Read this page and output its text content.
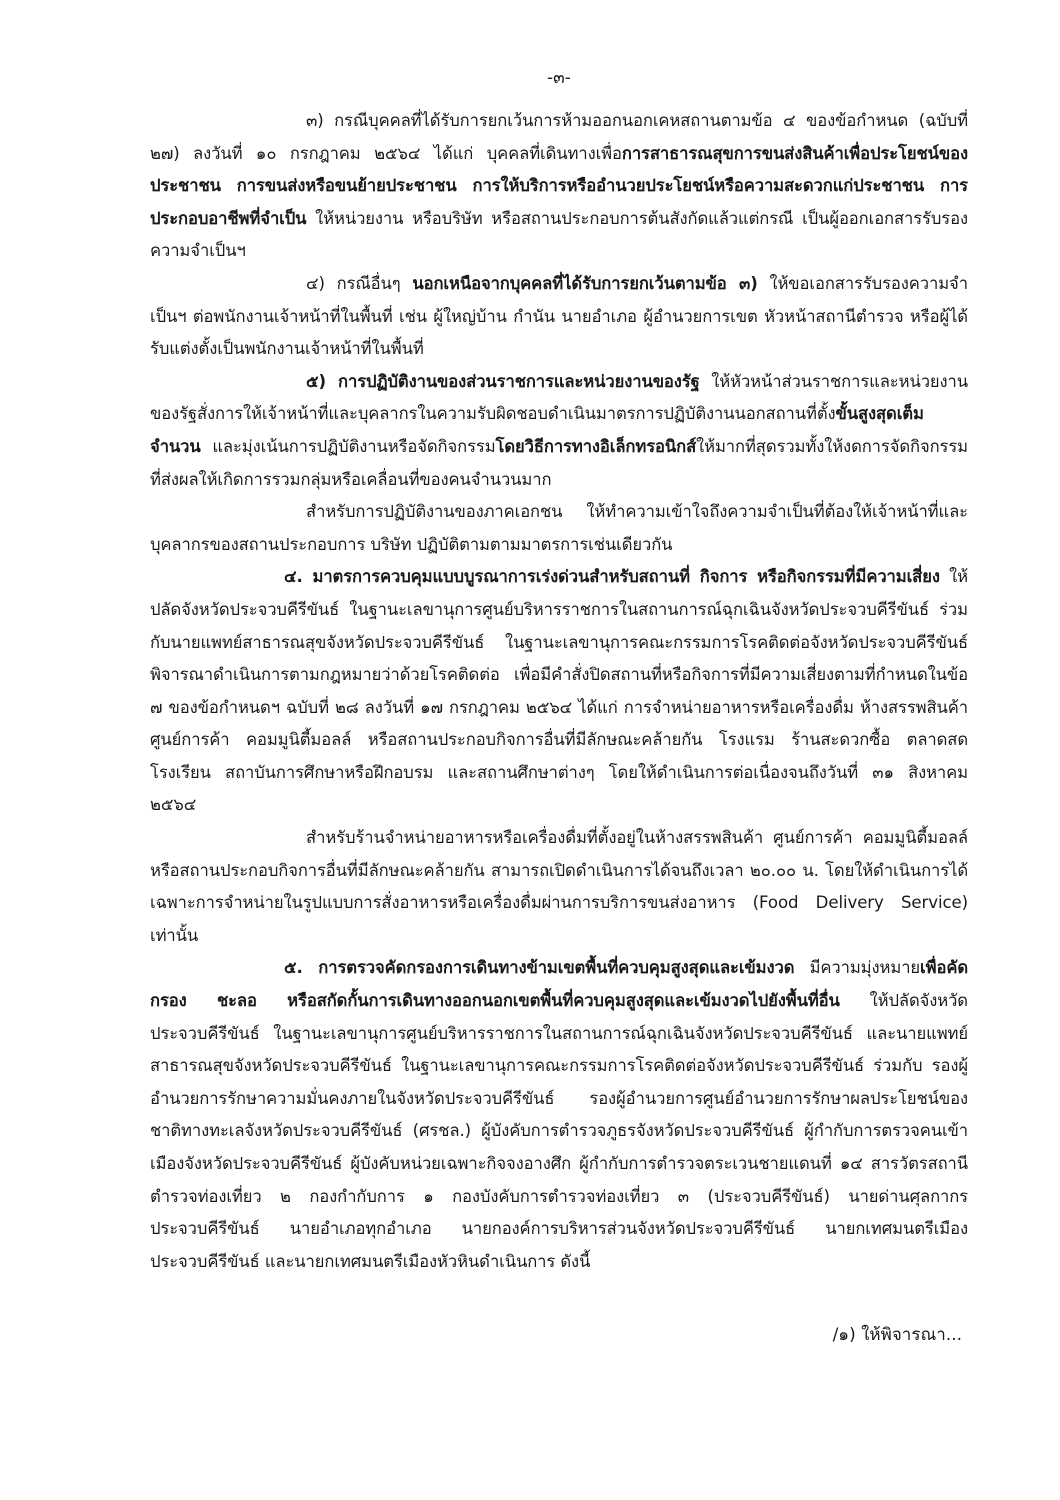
-๓-

๓) กรณีบุคคลที่ได้รับการยกเว้นการห้ามออกนอกเคหสถานตามข้อ ๔ ของข้อกำหนด (ฉบับที่ ๒๗) ลงวันที่ ๑๐ กรกฎาคม ๒๕๖๔ ได้แก่ บุคคลที่เดินทางเพื่อการสาธารณสุขการขนส่งสินค้าเพื่อประโยชน์ของประชาชน การขนส่งหรือขนย้ายประชาชน การให้บริการหรืออำนวยประโยชน์หรือความสะดวกแก่ประชาชน การประกอบอาชีพที่จำเป็น ให้หน่วยงาน หรือบริษัท หรือสถานประกอบการต้นสังกัดแล้วแต่กรณี เป็นผู้ออกเอกสารรับรองความจำเป็นฯ

๔) กรณีอื่นๆ นอกเหนือจากบุคคลที่ได้รับการยกเว้นตามข้อ ๓) ให้ขอเอกสารรับรองความจำเป็นฯ ต่อพนักงานเจ้าหน้าที่ในพื้นที่ เช่น ผู้ใหญ่บ้าน กำนัน นายอำเภอ ผู้อำนวยการเขต หัวหน้าสถานีตำรวจ หรือผู้ได้รับแต่งตั้งเป็นพนักงานเจ้าหน้าที่ในพื้นที่

๕) การปฏิบัติงานของส่วนราชการและหน่วยงานของรัฐ ให้หัวหน้าส่วนราชการและหน่วยงานของรัฐสั่งการให้เจ้าหน้าที่และบุคลากรในความรับผิดชอบดำเนินมาตรการปฏิบัติงานนอกสถานที่ตั้งขั้นสูงสุดเต็มจำนวน และมุ่งเน้นการปฏิบัติงานหรือจัดกิจกรรมโดยวิธีการทางอิเล็กทรอนิกส์ให้มากที่สุดรวมทั้งให้งดการจัดกิจกรรมที่ส่งผลให้เกิดการรวมกลุ่มหรือเคลื่อนที่ของคนจำนวนมาก

สำหรับการปฏิบัติงานของภาคเอกชน ให้ทำความเข้าใจถึงความจำเป็นที่ต้องให้เจ้าหน้าที่และบุคลากรของสถานประกอบการ บริษัท ปฏิบัติตามตามมาตรการเช่นเดียวกัน

๔. มาตรการควบคุมแบบบูรณาการเร่งด่วนสำหรับสถานที่ กิจการ หรือกิจกรรมที่มีความเสี่ยง ให้ปลัดจังหวัดประจวบคีรีขันธ์ ในฐานะเลขานุการศูนย์บริหารราชการในสถานการณ์ฉุกเฉินจังหวัดประจวบคีรีขันธ์ ร่วมกับนายแพทย์สาธารณสุขจังหวัดประจวบคีรีขันธ์ ในฐานะเลขานุการคณะกรรมการโรคติดต่อจังหวัดประจวบคีรีขันธ์ พิจารณาดำเนินการตามกฎหมายว่าด้วยโรคติดต่อ เพื่อมีคำสั่งปิดสถานที่หรือกิจการที่มีความเสี่ยงตามที่กำหนดในข้อ ๗ ของข้อกำหนดฯ ฉบับที่ ๒๘ ลงวันที่ ๑๗ กรกฎาคม ๒๕๖๔ ได้แก่ การจำหน่ายอาหารหรือเครื่องดื่ม ห้างสรรพสินค้า ศูนย์การค้า คอมมูนิตี้มอลล์ หรือสถานประกอบกิจการอื่นที่มีลักษณะคล้ายกัน โรงแรม ร้านสะดวกซื้อ ตลาดสด โรงเรียน สถาบันการศึกษาหรือฝึกอบรม และสถานศึกษาต่างๆ โดยให้ดำเนินการต่อเนื่องจนถึงวันที่ ๓๑ สิงหาคม ๒๕๖๔

สำหรับร้านจำหน่ายอาหารหรือเครื่องดื่มที่ตั้งอยู่ในห้างสรรพสินค้า ศูนย์การค้า คอมมูนิตี้มอลล์ หรือสถานประกอบกิจการอื่นที่มีลักษณะคล้ายกัน สามารถเปิดดำเนินการได้จนถึงเวลา ๒๐.๐๐ น. โดยให้ดำเนินการได้เฉพาะการจำหน่ายในรูปแบบการสั่งอาหารหรือเครื่องดื่มผ่านการบริการขนส่งอาหาร (Food Delivery Service) เท่านั้น

๕. การตรวจคัดกรองการเดินทางข้ามเขตพื้นที่ควบคุมสูงสุดและเข้มงวด มีความมุ่งหมายเพื่อคัดกรอง ชะลอ หรือสกัดกั้นการเดินทางออกนอกเขตพื้นที่ควบคุมสูงสุดและเข้มงวดไปยังพื้นที่อื่น ให้ปลัดจังหวัดประจวบคีรีขันธ์ ในฐานะเลขานุการศูนย์บริหารราชการในสถานการณ์ฉุกเฉินจังหวัดประจวบคีรีขันธ์ และนายแพทย์สาธารณสุขจังหวัดประจวบคีรีขันธ์ ในฐานะเลขานุการคณะกรรมการโรคติดต่อจังหวัดประจวบคีรีขันธ์ ร่วมกับ รองผู้อำนวยการรักษาความมั่นคงภายในจังหวัดประจวบคีรีขันธ์ รองผู้อำนวยการศูนย์อำนวยการรักษาผลประโยชน์ของชาติทางทะเลจังหวัดประจวบคีรีขันธ์ (ศรชล.) ผู้บังคับการตำรวจภูธรจังหวัดประจวบคีรีขันธ์ ผู้กำกับการตรวจคนเข้าเมืองจังหวัดประจวบคีรีขันธ์ ผู้บังคับหน่วยเฉพาะกิจจงอางศึก ผู้กำกับการตำรวจตระเวนชายแดนที่ ๑๔ สารวัตรสถานีตำรวจท่องเที่ยว ๒ กองกำกับการ ๑ กองบังคับการตำรวจท่องเที่ยว ๓ (ประจวบคีรีขันธ์) นายด่านศุลกากรประจวบคีรีขันธ์ นายอำเภอทุกอำเภอ นายกองค์การบริหารส่วนจังหวัดประจวบคีรีขันธ์ นายกเทศมนตรีเมืองประจวบคีรีขันธ์ และนายกเทศมนตรีเมืองหัวหินดำเนินการ ดังนี้

/๑) ให้พิจารณา...
